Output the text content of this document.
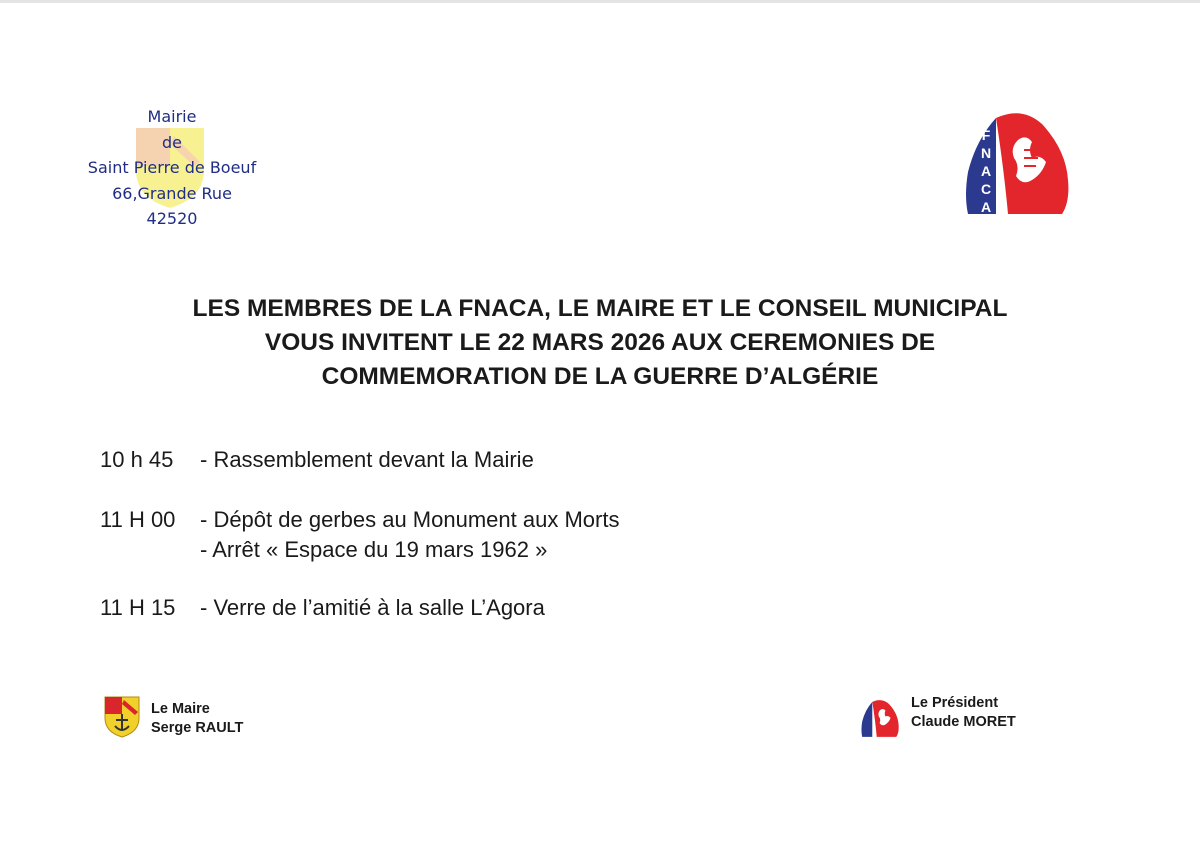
Mairie
de
Saint Pierre de Boeuf
66,Grande Rue
42520
F
N
A
C
A
LES MEMBRES DE LA FNACA, LE MAIRE ET LE CONSEIL MUNICIPAL
VOUS INVITENT LE 22 MARS 2026 AUX CEREMONIES DE
COMMEMORATION DE LA GUERRE D’ALGÉRIE
10 h 45	- Rassemblement devant la Mairie
11 H 00	- Dépôt de gerbes au Monument aux Morts
- Arrêt « Espace du 19 mars 1962 »
11 H 15	- Verre de l’amitié à la salle L’Agora
Le Maire
Serge RAULT
Le Président
Claude MORET
